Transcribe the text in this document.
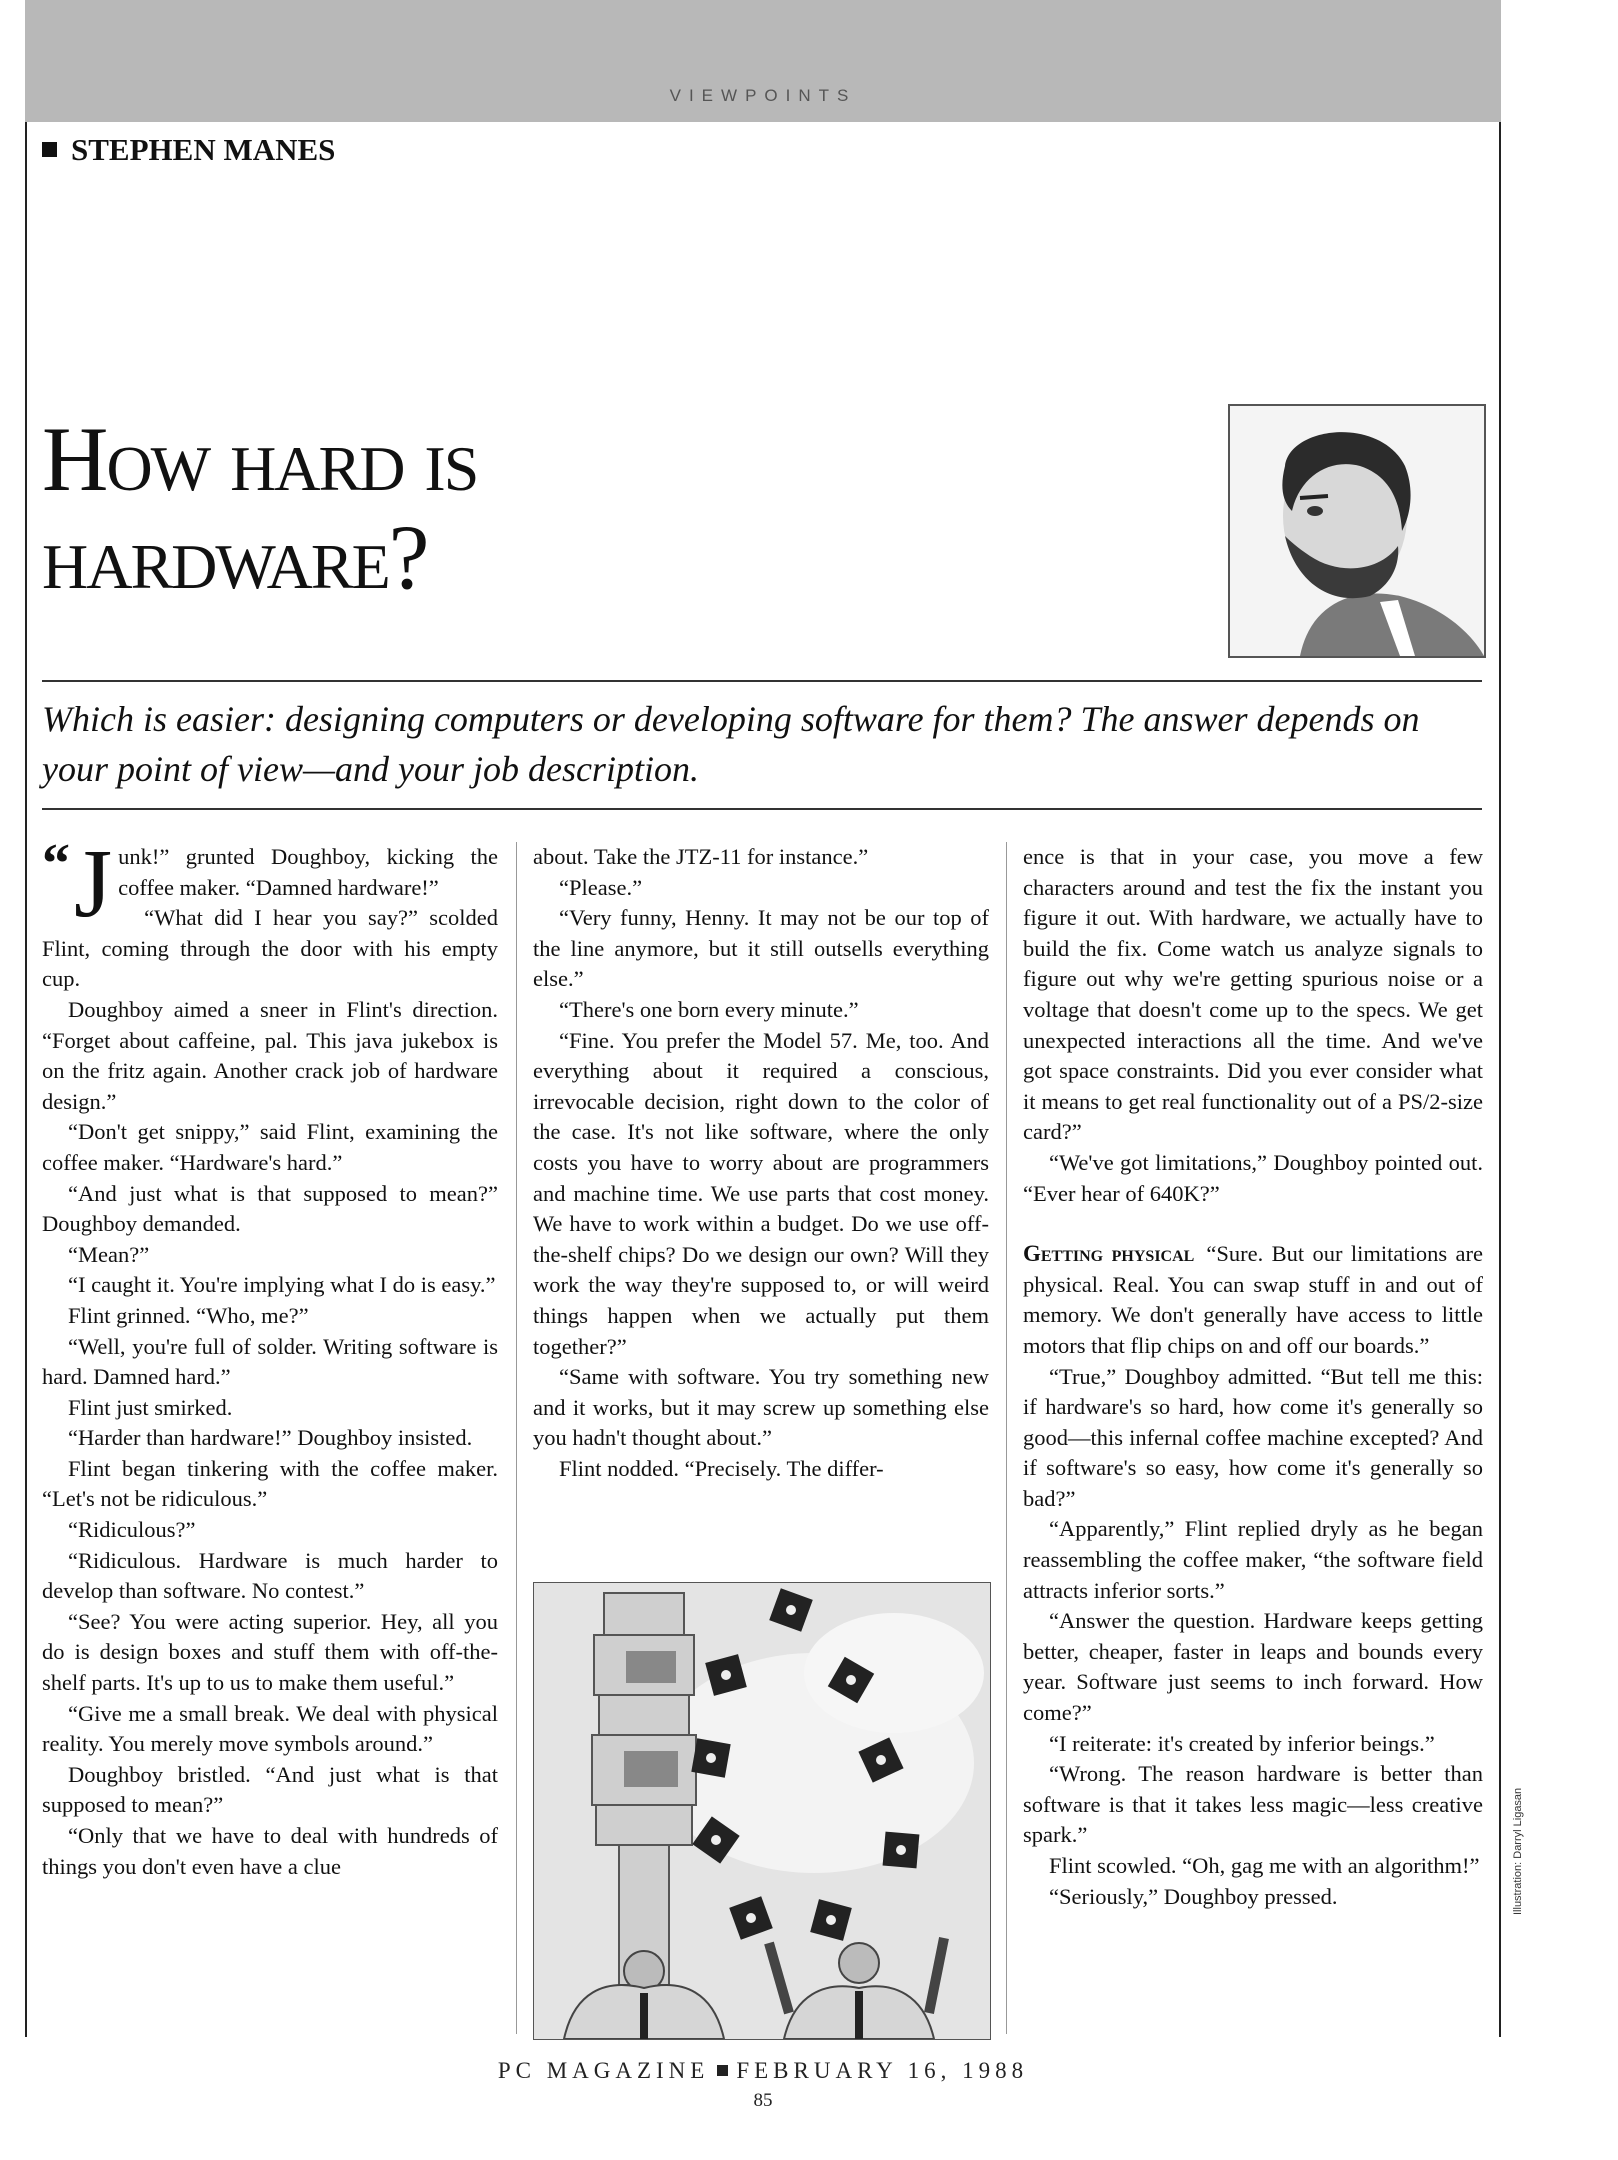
VIEWPOINTS
STEPHEN MANES
How hard is
hardware?
Which is easier: designing computers or developing software for them? The answer depends on your point of view—and your job description.

“ J unk!” grunted Doughboy, kicking the coffee maker. “Damned hardware!”

“What did I hear you say?” scolded Flint, coming through the door with his empty cup.

Doughboy aimed a sneer in Flint's direction. “Forget about caffeine, pal. This java jukebox is on the fritz again. Another crack job of hardware design.”

“Don't get snippy,” said Flint, examining the coffee maker. “Hardware's hard.”

“And just what is that supposed to mean?” Doughboy demanded.

“Mean?”

“I caught it. You're implying what I do is easy.”

Flint grinned. “Who, me?”

“Well, you're full of solder. Writing software is hard. Damned hard.”

Flint just smirked.

“Harder than hardware!” Doughboy insisted.

Flint began tinkering with the coffee maker. “Let's not be ridiculous.”

“Ridiculous?”

“Ridiculous. Hardware is much harder to develop than software. No contest.”

“See? You were acting superior. Hey, all you do is design boxes and stuff them with off-the-shelf parts. It's up to us to make them useful.”

“Give me a small break. We deal with physical reality. You merely move symbols around.”

Doughboy bristled. “And just what is that supposed to mean?”

“Only that we have to deal with hundreds of things you don't even have a clue

about. Take the JTZ-11 for instance.”

“Please.”

“Very funny, Henny. It may not be our top of the line anymore, but it still outsells everything else.”

“There's one born every minute.”

“Fine. You prefer the Model 57. Me, too. And everything about it required a conscious, irrevocable decision, right down to the color of the case. It's not like software, where the only costs you have to worry about are programmers and machine time. We use parts that cost money. We have to work within a budget. Do we use off-the-shelf chips? Do we design our own? Will they work the way they're supposed to, or will weird things happen when we actually put them together?”

“Same with software. You try something new and it works, but it may screw up something else you hadn't thought about.”

Flint nodded. “Precisely. The differ-

ence is that in your case, you move a few characters around and test the fix the instant you figure it out. With hardware, we actually have to build the fix. Come watch us analyze signals to figure out why we're getting spurious noise or a voltage that doesn't come up to the specs. We get unexpected interactions all the time. And we've got space constraints. Did you ever consider what it means to get real functionality out of a PS/2-size card?”

“We've got limitations,” Doughboy pointed out. “Ever hear of 640K?”

Getting physical “Sure. But our limitations are physical. Real. You can swap stuff in and out of memory. We don't generally have access to little motors that flip chips on and off our boards.”

“True,” Doughboy admitted. “But tell me this: if hardware's so hard, how come it's generally so good—this infernal coffee machine excepted? And if software's so easy, how come it's generally so bad?”

“Apparently,” Flint replied dryly as he began reassembling the coffee maker, “the software field attracts inferior sorts.”

“Answer the question. Hardware keeps getting better, cheaper, faster in leaps and bounds every year. Software just seems to inch forward. How come?”

“I reiterate: it's created by inferior beings.”

“Wrong. The reason hardware is better than software is that it takes less magic—less creative spark.”

Flint scowled. “Oh, gag me with an algorithm!”

“Seriously,” Doughboy pressed.	Illustration: Darryl Ligasan
PC MAGAZINE FEBRUARY 16, 1988
85
